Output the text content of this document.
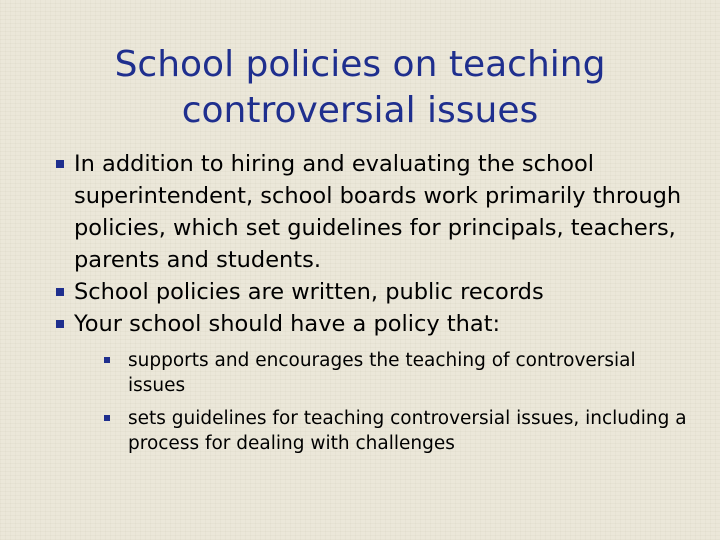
School policies on teaching
controversial issues
In addition to hiring and evaluating the school superintendent, school boards work primarily through policies, which set guidelines for principals, teachers, parents and students.
School policies are written, public records
Your school should have a policy that:
supports and encourages the teaching of controversial issues
sets guidelines for teaching controversial issues, including a process for dealing with challenges
